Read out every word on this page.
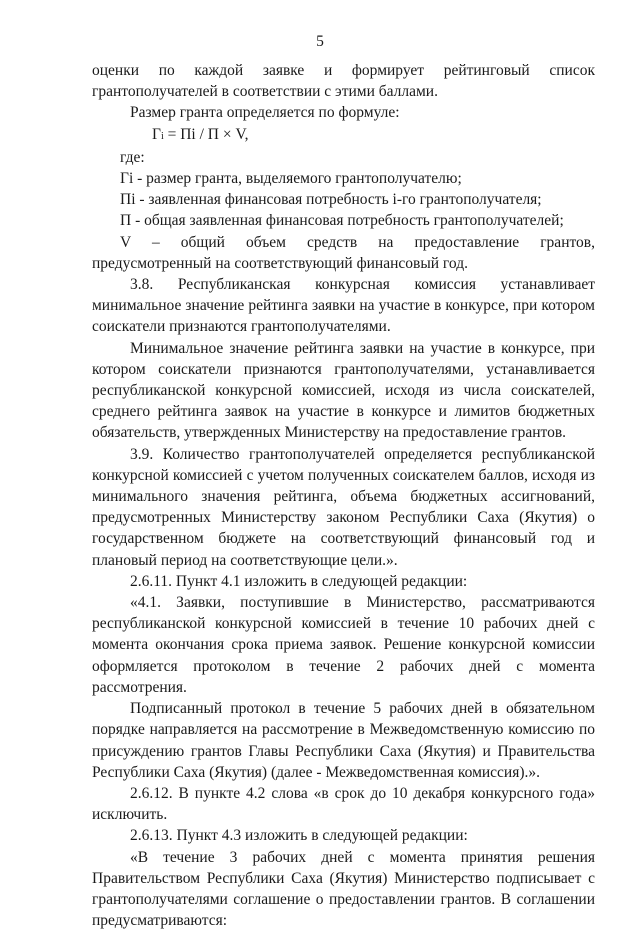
5

оценки по каждой заявке и формирует рейтинговый список грантополучателей в соответствии с этими баллами.

Размер гранта определяется по формуле:

Гi = Пi / П × V,

где:

Гi - размер гранта, выделяемого грантополучателю;

Пi - заявленная финансовая потребность i-го грантополучателя;

П - общая заявленная финансовая потребность грантополучателей;

V – общий объем средств на предоставление грантов,

предусмотренный на соответствующий финансовый год.

3.8. Республиканская конкурсная комиссия устанавливает минимальное значение рейтинга заявки на участие в конкурсе, при котором соискатели признаются грантополучателями.

Минимальное значение рейтинга заявки на участие в конкурсе, при котором соискатели признаются грантополучателями, устанавливается республиканской конкурсной комиссией, исходя из числа соискателей, среднего рейтинга заявок на участие в конкурсе и лимитов бюджетных обязательств, утвержденных Министерству на предоставление грантов.

3.9. Количество грантополучателей определяется республиканской конкурсной комиссией с учетом полученных соискателем баллов, исходя из минимального значения рейтинга, объема бюджетных ассигнований, предусмотренных Министерству законом Республики Саха (Якутия) о государственном бюджете на соответствующий финансовый год и плановый период на соответствующие цели.».

2.6.11. Пункт 4.1 изложить в следующей редакции:

«4.1. Заявки, поступившие в Министерство, рассматриваются республиканской конкурсной комиссией в течение 10 рабочих дней с момента окончания срока приема заявок. Решение конкурсной комиссии оформляется протоколом в течение 2 рабочих дней с момента рассмотрения.

Подписанный протокол в течение 5 рабочих дней в обязательном порядке направляется на рассмотрение в Межведомственную комиссию по присуждению грантов Главы Республики Саха (Якутия) и Правительства Республики Саха (Якутия) (далее - Межведомственная комиссия).».

2.6.12. В пункте 4.2 слова «в срок до 10 декабря конкурсного года» исключить.

2.6.13. Пункт 4.3 изложить в следующей редакции:

«В течение 3 рабочих дней с момента принятия решения Правительством Республики Саха (Якутия) Министерство подписывает с грантополучателями соглашение о предоставлении грантов. В соглашении предусматриваются:
